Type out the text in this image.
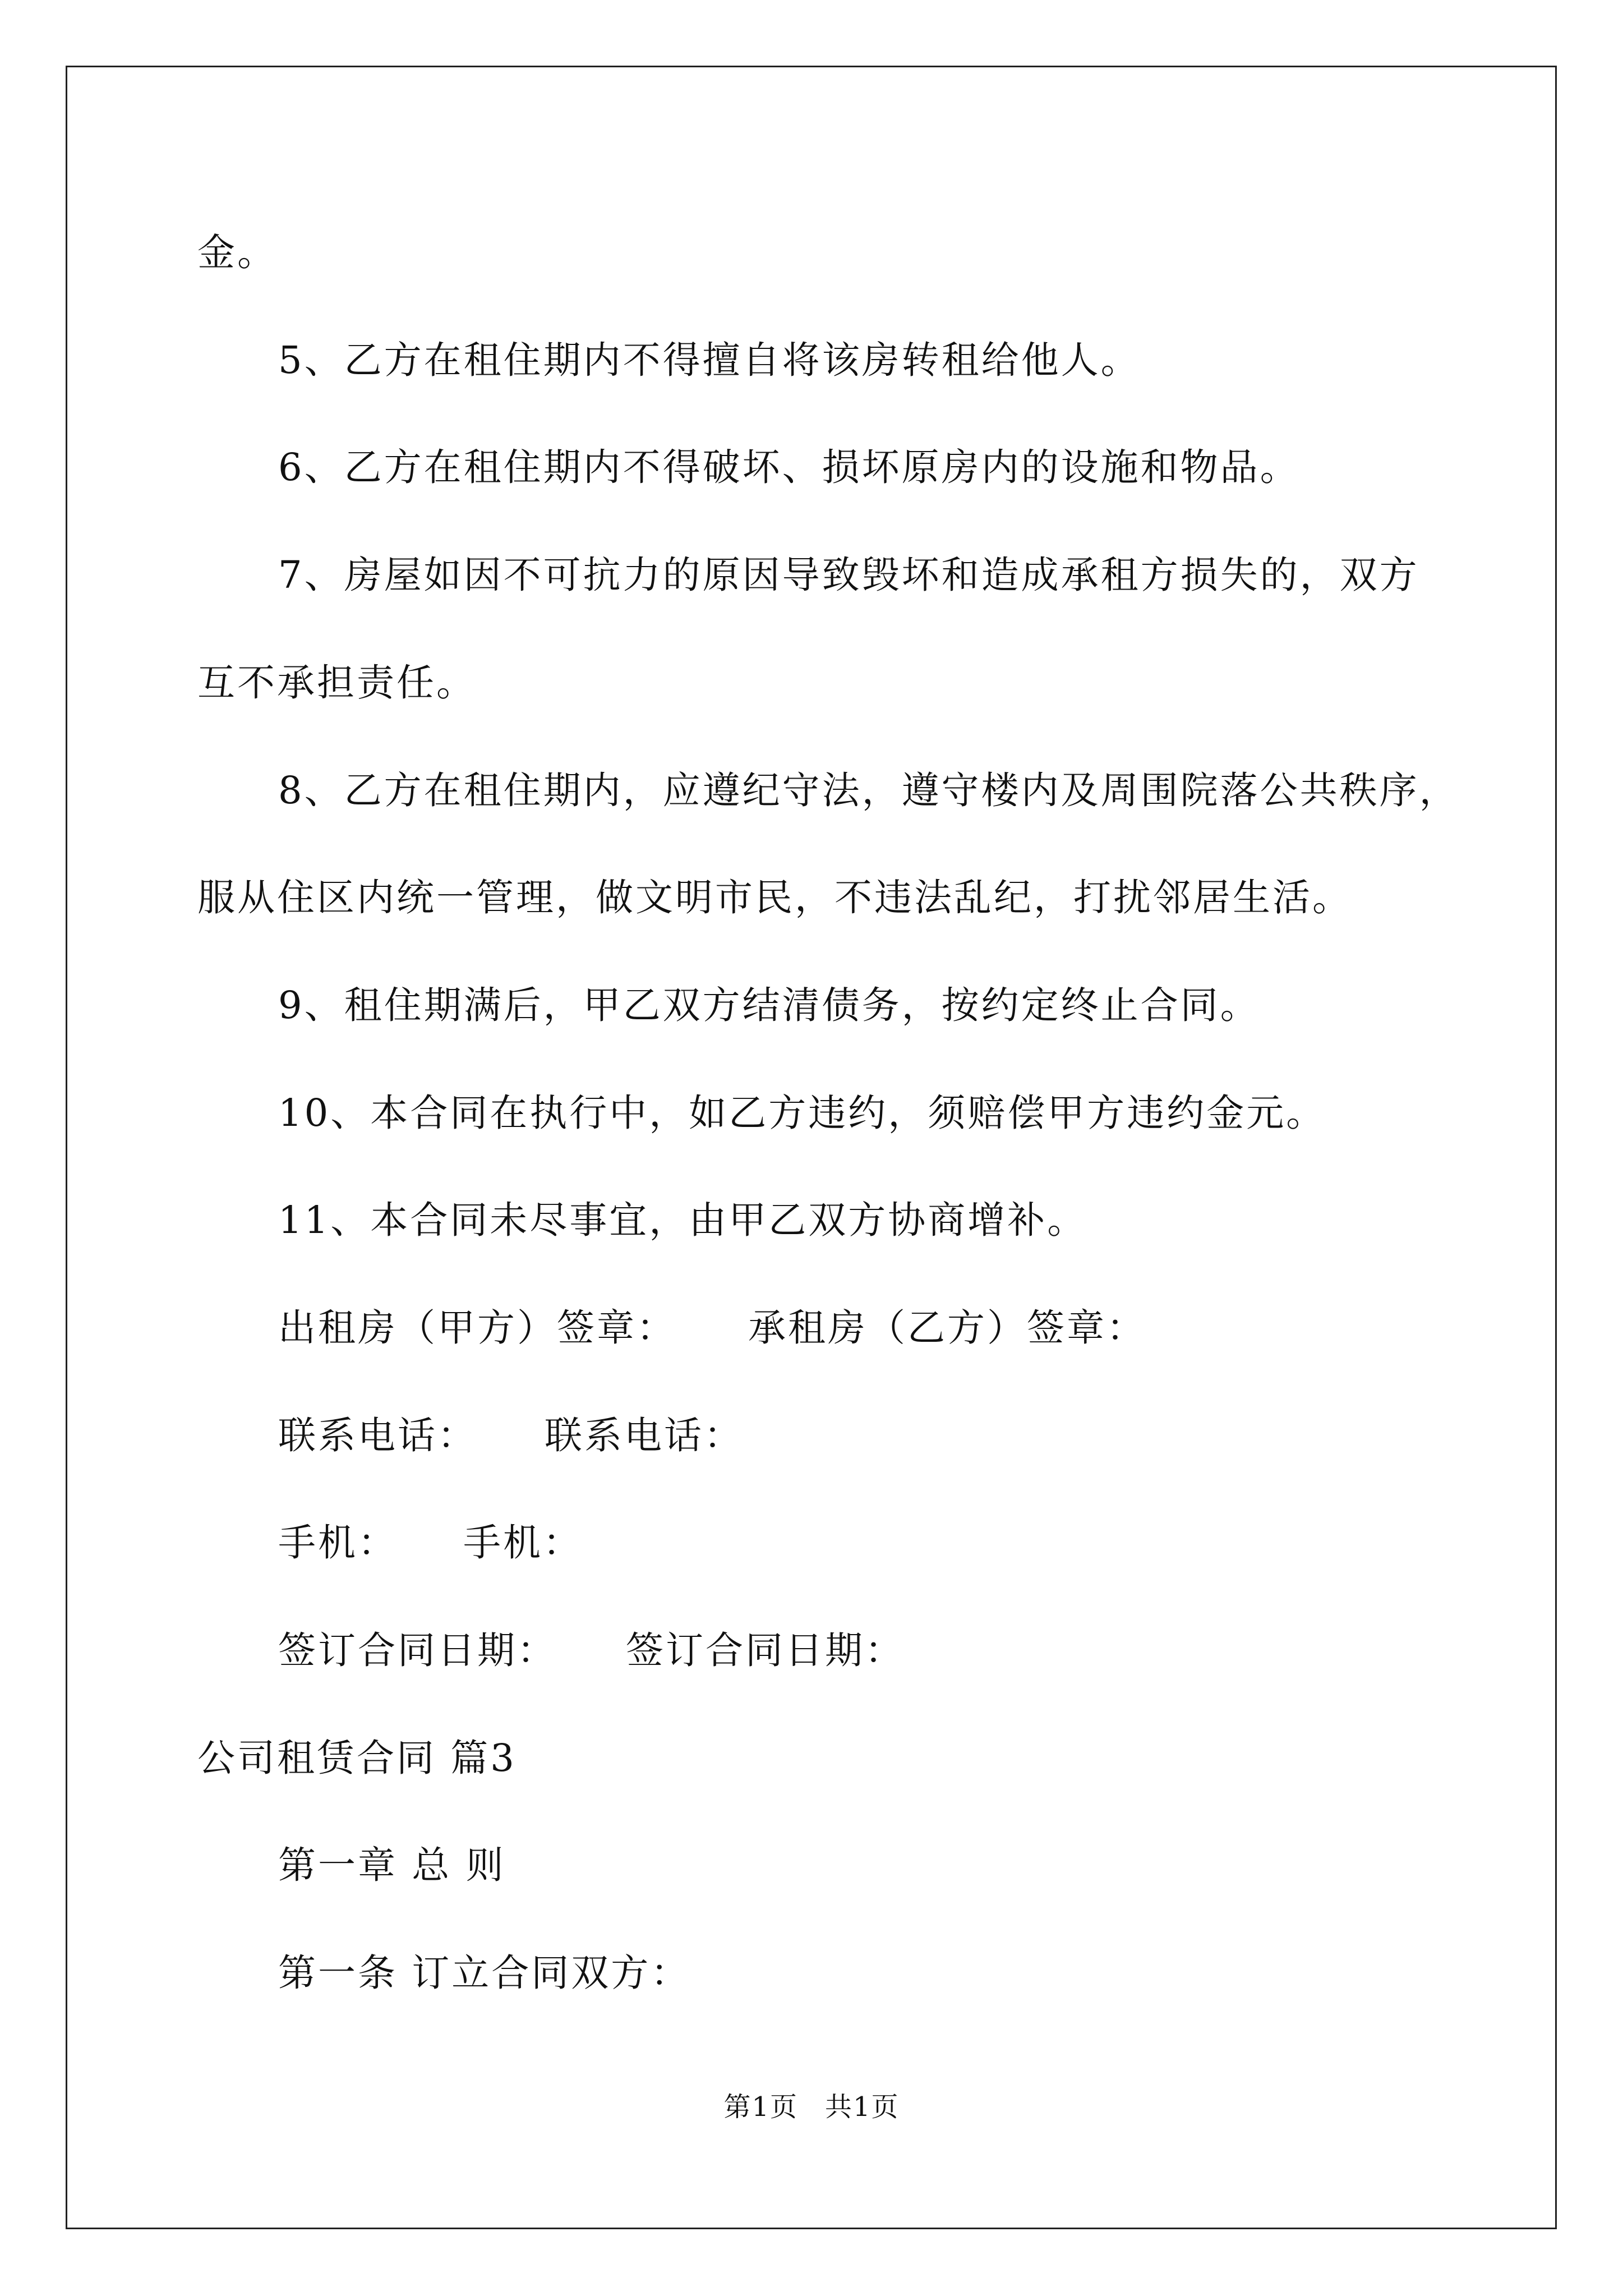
金。

5、乙方在租住期内不得擅自将该房转租给他人。

6、乙方在租住期内不得破坏、损坏原房内的设施和物品。

7、房屋如因不可抗力的原因导致毁坏和造成承租方损失的，双方

互不承担责任。

8、乙方在租住期内，应遵纪守法，遵守楼内及周围院落公共秩序，

服从住区内统一管理，做文明市民，不违法乱纪，打扰邻居生活。

9、租住期满后，甲乙双方结清债务，按约定终止合同。

10、本合同在执行中，如乙方违约，须赔偿甲方违约金元。

11、本合同未尽事宜，由甲乙双方协商增补。

出租房（甲方）签章： 承租房（乙方）签章：

联系电话： 联系电话：

手机： 手机：

签订合同日期： 签订合同日期：

公司租赁合同 篇3

第一章 总 则

第一条 订立合同双方：

第1页 共1页
